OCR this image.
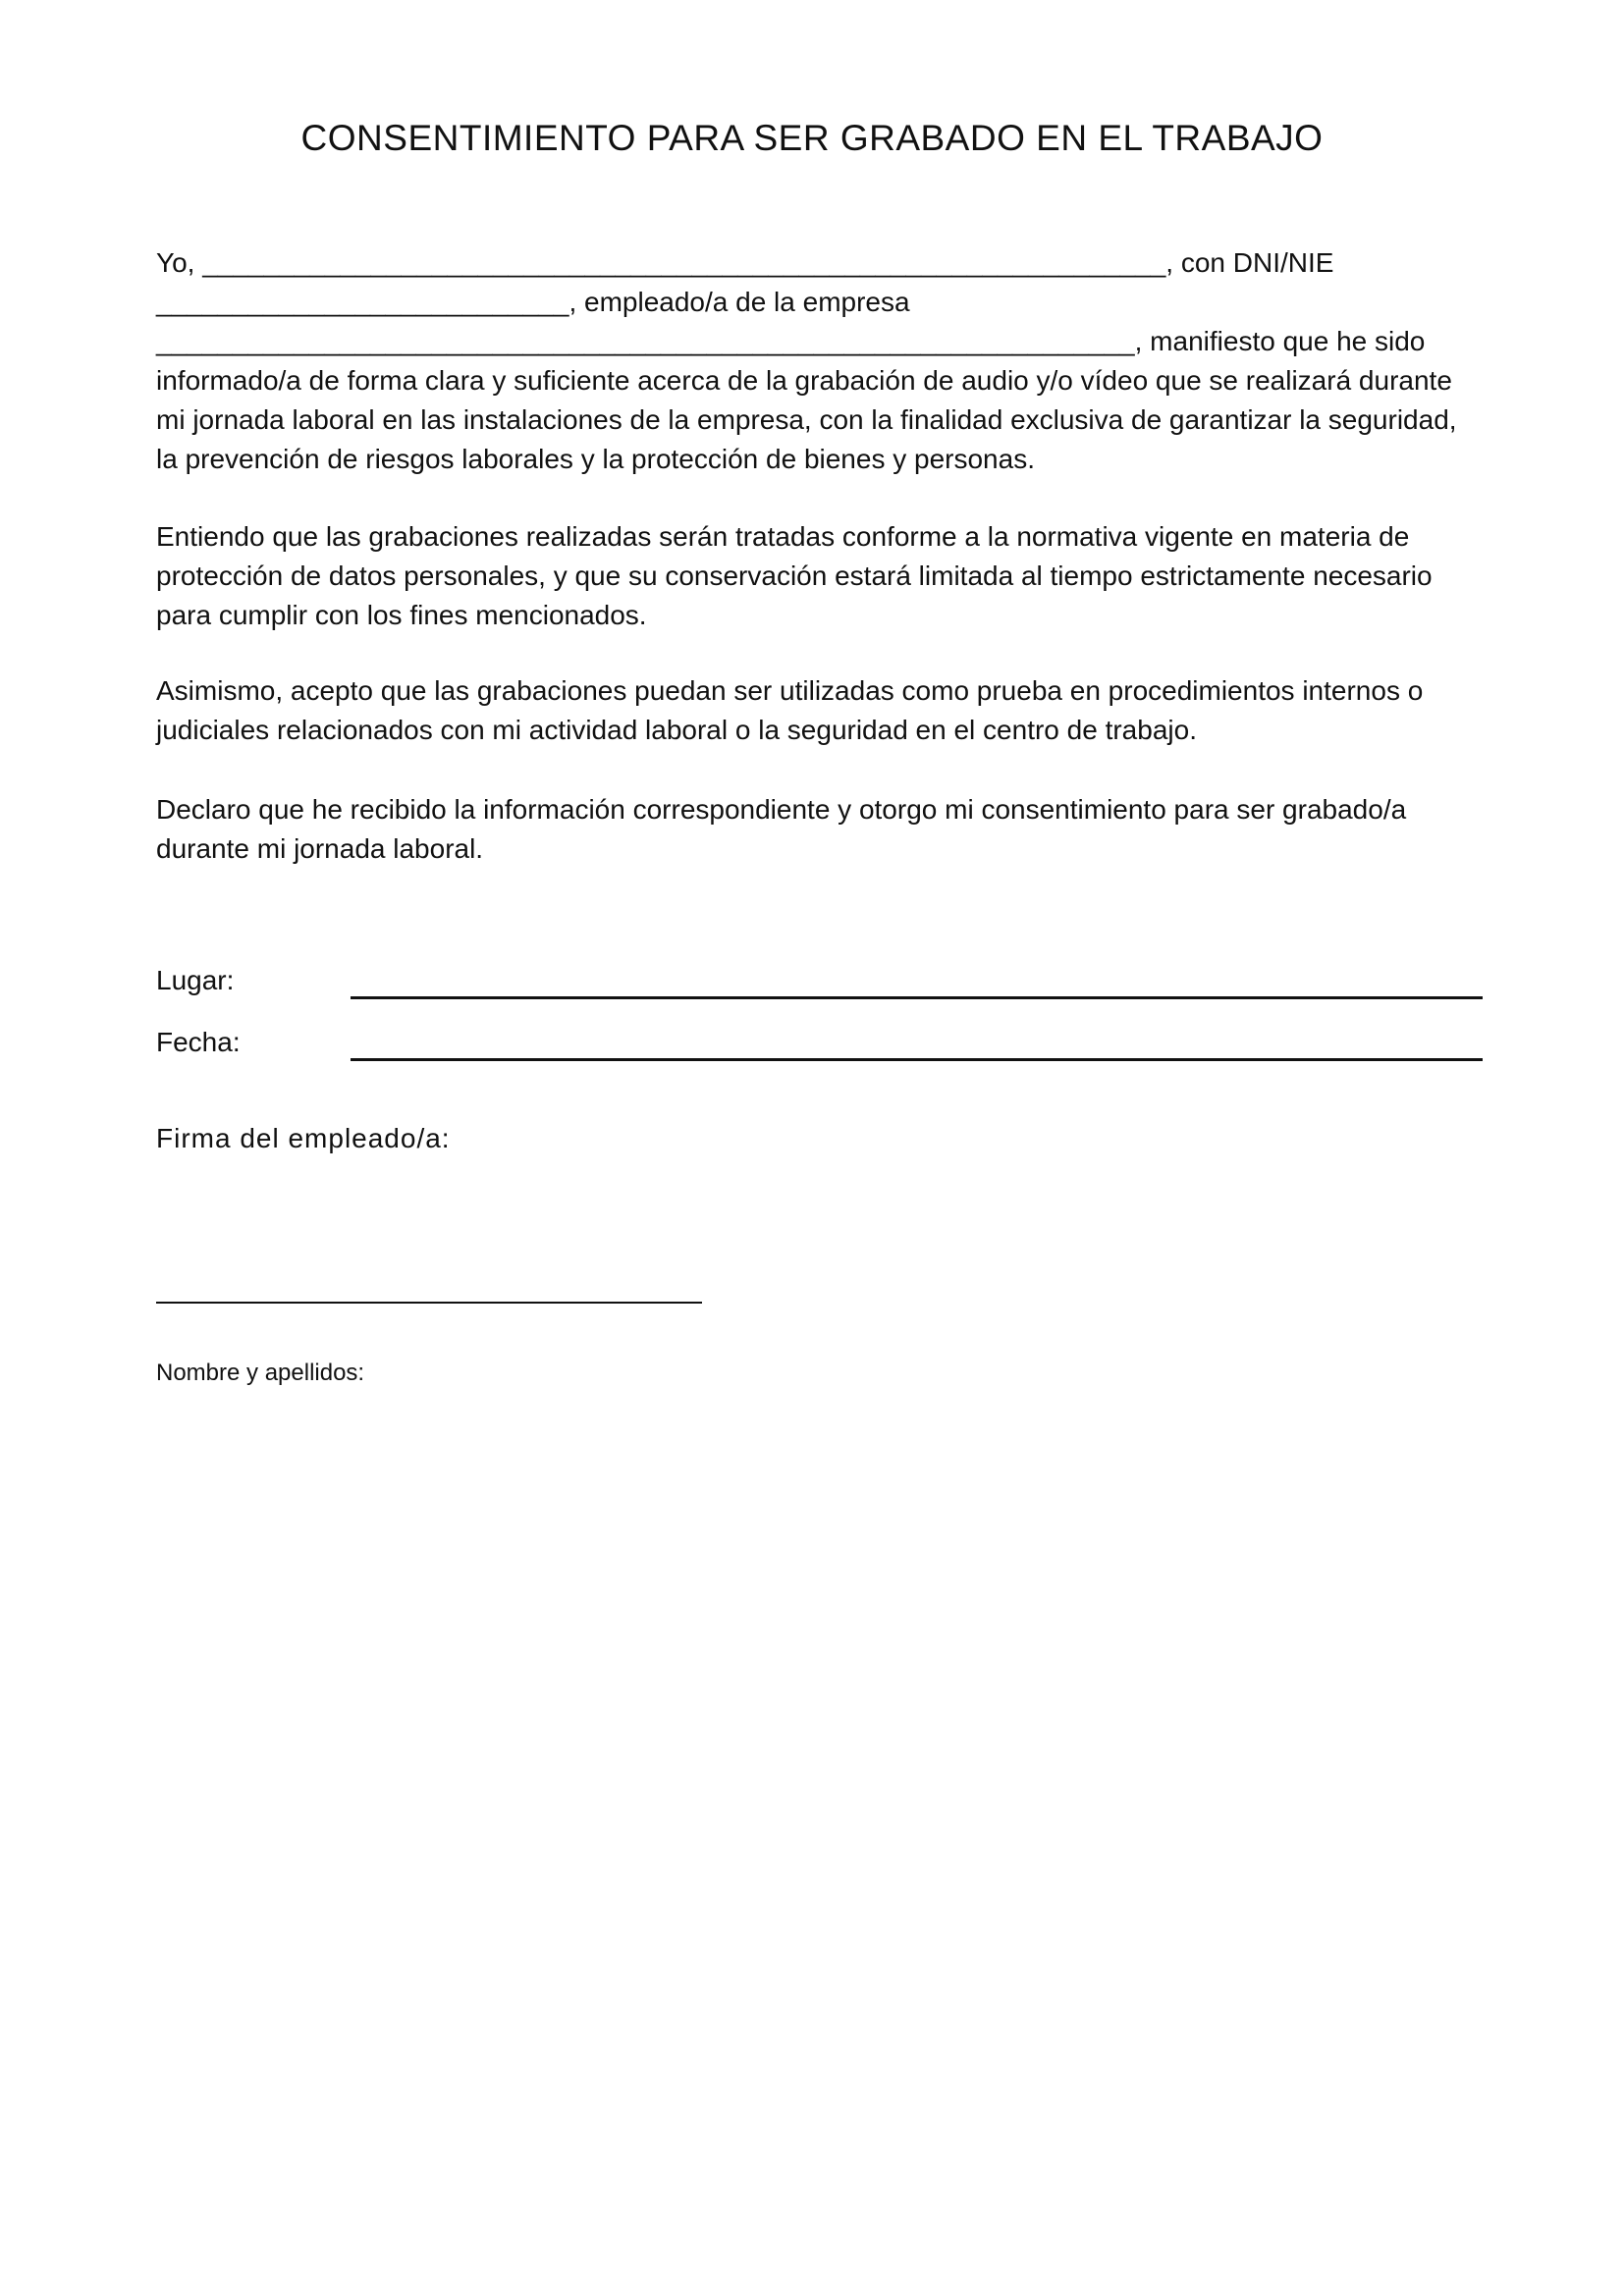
CONSENTIMIENTO PARA SER GRABADO EN EL TRABAJO
Yo, _______________________________________________________________, con DNI/NIE
___________________________, empleado/a de la empresa
________________________________________________________________, manifiesto que he sido
informado/a de forma clara y suficiente acerca de la grabación de audio y/o vídeo que se realizará durante mi jornada laboral en las instalaciones de la empresa, con la finalidad exclusiva de garantizar la seguridad, la prevención de riesgos laborales y la protección de bienes y personas.

Entiendo que las grabaciones realizadas serán tratadas conforme a la normativa vigente en materia de protección de datos personales, y que su conservación estará limitada al tiempo estrictamente necesario para cumplir con los fines mencionados.

Asimismo, acepto que las grabaciones puedan ser utilizadas como prueba en procedimientos internos o judiciales relacionados con mi actividad laboral o la seguridad en el centro de trabajo.

Declaro que he recibido la información correspondiente y otorgo mi consentimiento para ser grabado/a durante mi jornada laboral.

Lugar:
Fecha:
Firma del empleado/a:
Nombre y apellidos:
